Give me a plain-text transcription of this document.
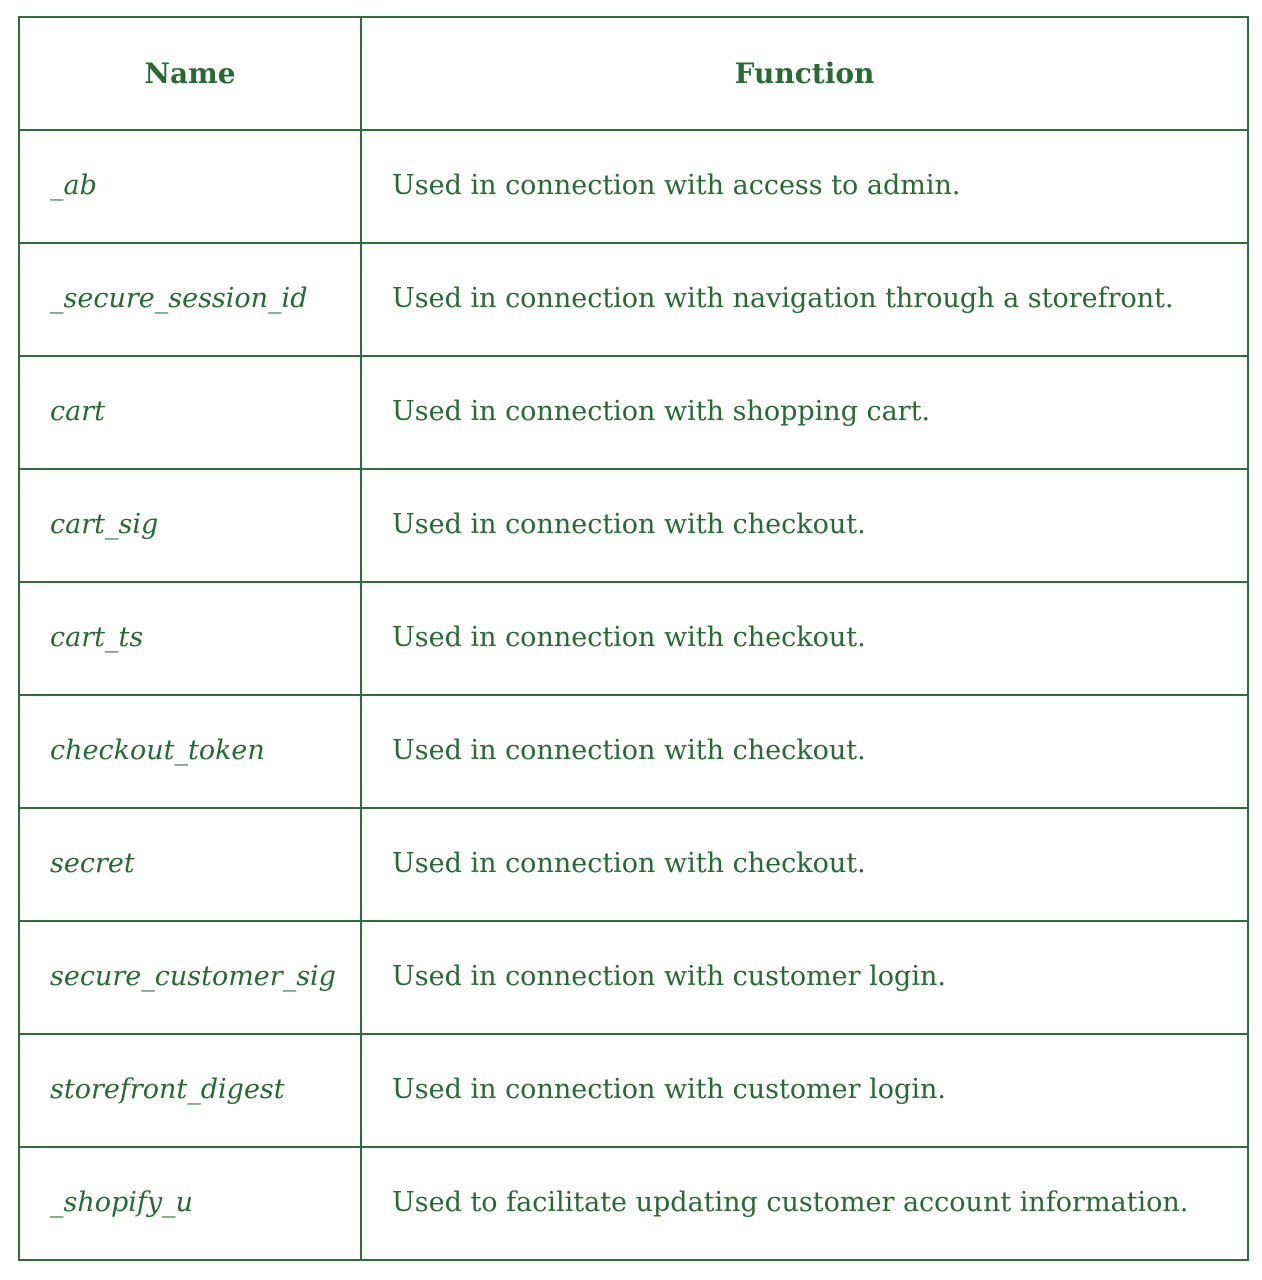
Name	Function
_ab	Used in connection with access to admin.
_secure_session_id	Used in connection with navigation through a storefront.
cart	Used in connection with shopping cart.
cart_sig	Used in connection with checkout.
cart_ts	Used in connection with checkout.
checkout_token	Used in connection with checkout.
secret	Used in connection with checkout.
secure_customer_sig	Used in connection with customer login.
storefront_digest	Used in connection with customer login.
_shopify_u	Used to facilitate updating customer account information.
